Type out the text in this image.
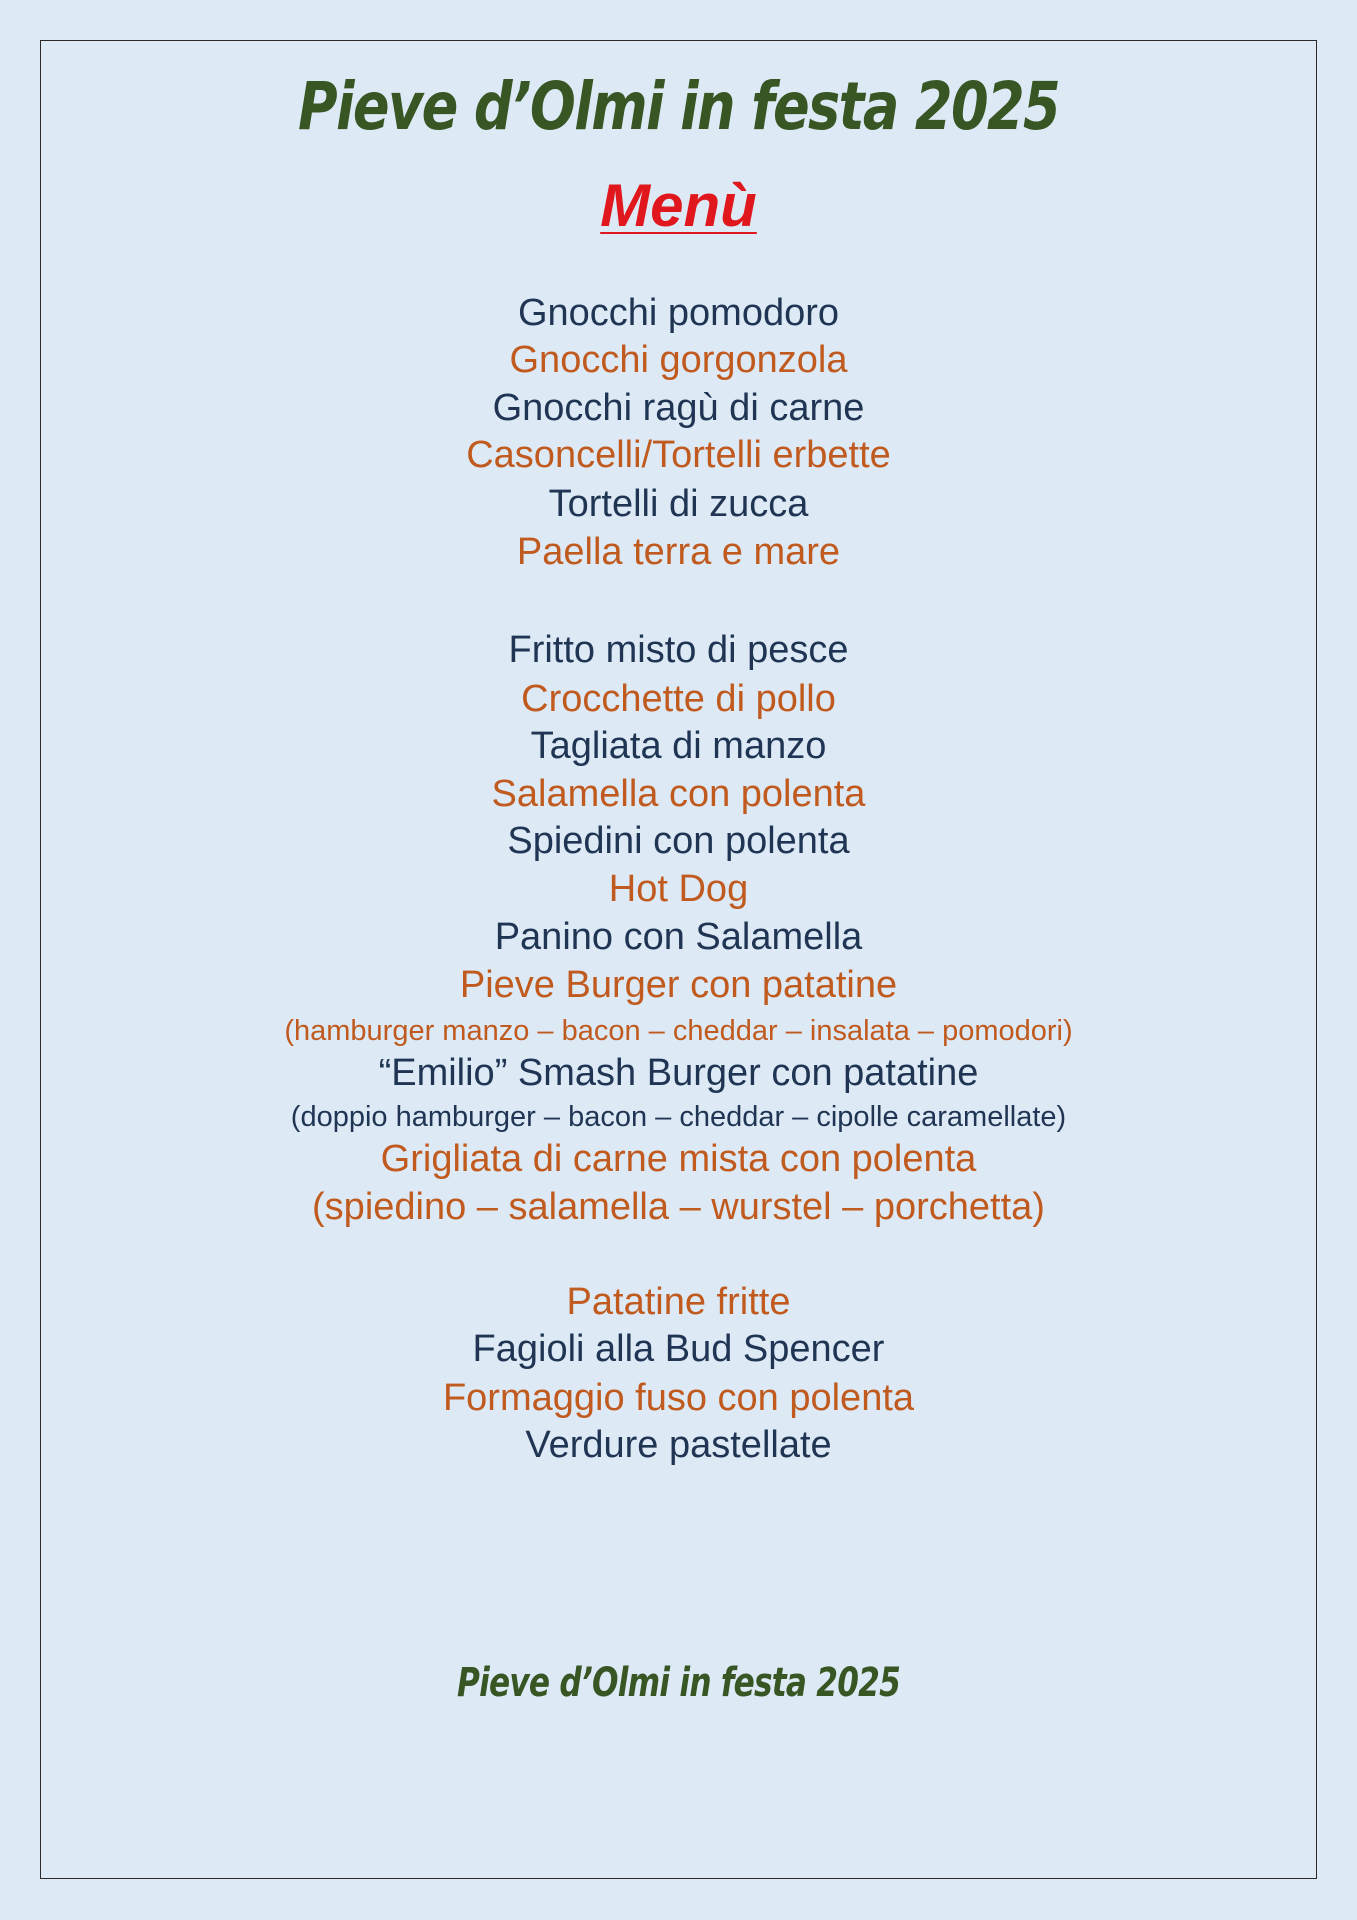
Pieve d’Olmi in festa 2025
Menù

Gnocchi pomodoro

Gnocchi gorgonzola

Gnocchi ragù di carne

Casoncelli/Tortelli erbette

Tortelli di zucca

Paella terra e mare

Fritto misto di pesce

Crocchette di pollo

Tagliata di manzo

Salamella con polenta

Spiedini con polenta

Hot Dog

Panino con Salamella

Pieve Burger con patatine

(hamburger manzo – bacon – cheddar – insalata – pomodori)

“Emilio” Smash Burger con patatine

(doppio hamburger – bacon – cheddar – cipolle caramellate)

Grigliata di carne mista con polenta

(spiedino – salamella – wurstel – porchetta)

Patatine fritte

Fagioli alla Bud Spencer

Formaggio fuso con polenta

Verdure pastellate

Pieve d’Olmi in festa 2025
